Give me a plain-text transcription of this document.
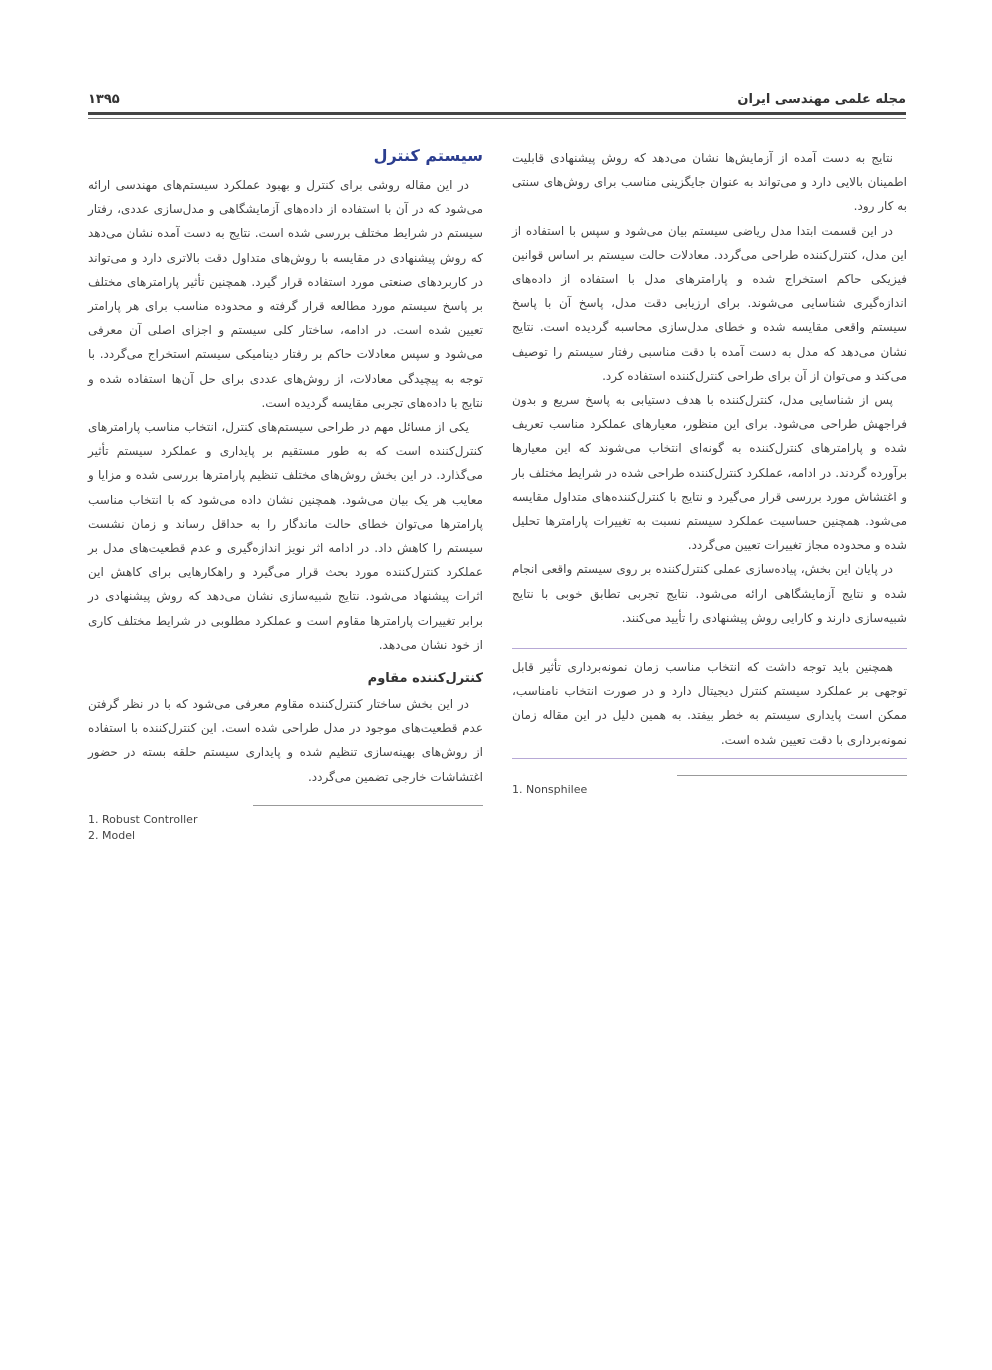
مجله علمی مهندسی ایران
۱۳۹۵
سیستم کنترل

در این مقاله روشی برای کنترل و بهبود عملکرد سیستم‌های مهندسی ارائه می‌شود که در آن با استفاده از داده‌های آزمایشگاهی و مدل‌سازی عددی، رفتار سیستم در شرایط مختلف بررسی شده است. نتایج به دست آمده نشان می‌دهد که روش پیشنهادی در مقایسه با روش‌های متداول دقت بالاتری دارد و می‌تواند در کاربردهای صنعتی مورد استفاده قرار گیرد. همچنین تأثیر پارامترهای مختلف بر پاسخ سیستم مورد مطالعه قرار گرفته و محدوده مناسب برای هر پارامتر تعیین شده است. در ادامه، ساختار کلی سیستم و اجزای اصلی آن معرفی می‌شود و سپس معادلات حاکم بر رفتار دینامیکی سیستم استخراج می‌گردد. با توجه به پیچیدگی معادلات، از روش‌های عددی برای حل آن‌ها استفاده شده و نتایج با داده‌های تجربی مقایسه گردیده است.

یکی از مسائل مهم در طراحی سیستم‌های کنترل، انتخاب مناسب پارامترهای کنترل‌کننده است که به طور مستقیم بر پایداری و عملکرد سیستم تأثیر می‌گذارد. در این بخش روش‌های مختلف تنظیم پارامترها بررسی شده و مزایا و معایب هر یک بیان می‌شود. همچنین نشان داده می‌شود که با انتخاب مناسب پارامترها می‌توان خطای حالت ماندگار را به حداقل رساند و زمان نشست سیستم را کاهش داد. در ادامه اثر نویز اندازه‌گیری و عدم قطعیت‌های مدل بر عملکرد کنترل‌کننده مورد بحث قرار می‌گیرد و راهکارهایی برای کاهش این اثرات پیشنهاد می‌شود. نتایج شبیه‌سازی نشان می‌دهد که روش پیشنهادی در برابر تغییرات پارامترها مقاوم است و عملکرد مطلوبی در شرایط مختلف کاری از خود نشان می‌دهد.

کنترل‌کننده مقاوم

در این بخش ساختار کنترل‌کننده مقاوم معرفی می‌شود که با در نظر گرفتن عدم قطعیت‌های موجود در مدل طراحی شده است. این کنترل‌کننده با استفاده از روش‌های بهینه‌سازی تنظیم شده و پایداری سیستم حلقه بسته در حضور اغتشاشات خارجی تضمین می‌گردد.

1. Robust Controller

2. Model

نتایج به دست آمده از آزمایش‌ها نشان می‌دهد که روش پیشنهادی قابلیت اطمینان بالایی دارد و می‌تواند به عنوان جایگزینی مناسب برای روش‌های سنتی به کار رود.

در این قسمت ابتدا مدل ریاضی سیستم بیان می‌شود و سپس با استفاده از این مدل، کنترل‌کننده طراحی می‌گردد. معادلات حالت سیستم بر اساس قوانین فیزیکی حاکم استخراج شده و پارامترهای مدل با استفاده از داده‌های اندازه‌گیری شناسایی می‌شوند. برای ارزیابی دقت مدل، پاسخ آن با پاسخ سیستم واقعی مقایسه شده و خطای مدل‌سازی محاسبه گردیده است. نتایج نشان می‌دهد که مدل به دست آمده با دقت مناسبی رفتار سیستم را توصیف می‌کند و می‌توان از آن برای طراحی کنترل‌کننده استفاده کرد.

پس از شناسایی مدل، کنترل‌کننده با هدف دستیابی به پاسخ سریع و بدون فراجهش طراحی می‌شود. برای این منظور، معیارهای عملکرد مناسب تعریف شده و پارامترهای کنترل‌کننده به گونه‌ای انتخاب می‌شوند که این معیارها برآورده گردند. در ادامه، عملکرد کنترل‌کننده طراحی شده در شرایط مختلف بار و اغتشاش مورد بررسی قرار می‌گیرد و نتایج با کنترل‌کننده‌های متداول مقایسه می‌شود. همچنین حساسیت عملکرد سیستم نسبت به تغییرات پارامترها تحلیل شده و محدوده مجاز تغییرات تعیین می‌گردد.

در پایان این بخش، پیاده‌سازی عملی کنترل‌کننده بر روی سیستم واقعی انجام شده و نتایج آزمایشگاهی ارائه می‌شود. نتایج تجربی تطابق خوبی با نتایج شبیه‌سازی دارند و کارایی روش پیشنهادی را تأیید می‌کنند.

همچنین باید توجه داشت که انتخاب مناسب زمان نمونه‌برداری تأثیر قابل توجهی بر عملکرد سیستم کنترل دیجیتال دارد و در صورت انتخاب نامناسب، ممکن است پایداری سیستم به خطر بیفتد. به همین دلیل در این مقاله زمان نمونه‌برداری با دقت تعیین شده است.

1. Nonsphilee
